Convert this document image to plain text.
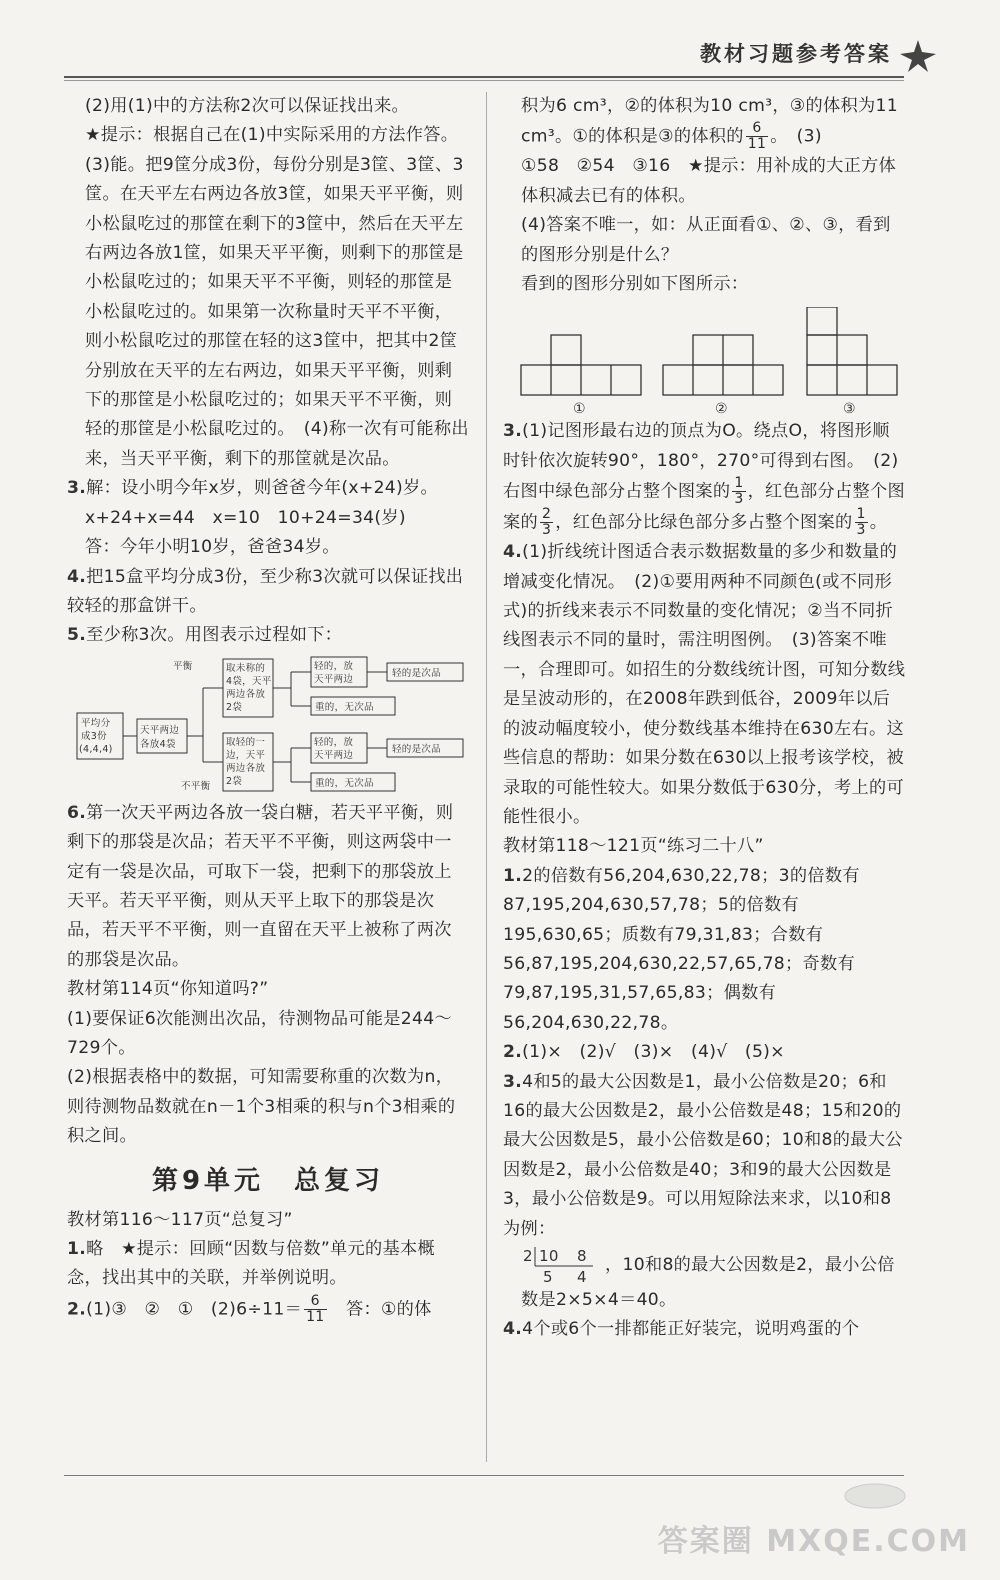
教材习题参考答案

(2)用(1)中的方法称2次可以保证找出来。

★提示：根据自己在(1)中实际采用的方法作答。

(3)能。把9筐分成3份，每份分别是3筐、3筐、3筐。在天平左右两边各放3筐，如果天平平衡，则小松鼠吃过的那筐在剩下的3筐中，然后在天平左右两边各放1筐，如果天平平衡，则剩下的那筐是小松鼠吃过的；如果天平不平衡，则轻的那筐是小松鼠吃过的。如果第一次称量时天平不平衡，则小松鼠吃过的那筐在轻的这3筐中，把其中2筐分别放在天平的左右两边，如果天平平衡，则剩下的那筐是小松鼠吃过的；如果天平不平衡，则轻的那筐是小松鼠吃过的。　(4)称一次有可能称出来，当天平平衡，剩下的那筐就是次品。

3.解：设小明今年x岁，则爸爸今年(x+24)岁。

x+24+x=44　x=10　10+24=34(岁)

答：今年小明10岁，爸爸34岁。

4.把15盒平均分成3份，至少称3次就可以保证找出较轻的那盒饼干。

5.至少称3次。用图表示过程如下：

平均分
成3份
(4,4,4)
天平两边
各放4袋
平衡
不平衡
取未称的
4袋，天平
两边各放
2袋
取轻的一
边，天平
两边各放
2袋
轻的，放
天平两边
重的，无次品
轻的，放
天平两边
重的，无次品
轻的是次品
轻的是次品

6.第一次天平两边各放一袋白糖，若天平平衡，则剩下的那袋是次品；若天平不平衡，则这两袋中一定有一袋是次品，可取下一袋，把剩下的那袋放上天平。若天平平衡，则从天平上取下的那袋是次品，若天平不平衡，则一直留在天平上被称了两次的那袋是次品。

教材第114页“你知道吗?”

(1)要保证6次能测出次品，待测物品可能是244～729个。

(2)根据表格中的数据，可知需要称重的次数为n，则待测物品数就在n－1个3相乘的积与n个3相乘的积之间。

第9单元　总复习

教材第116～117页“总复习”

1.略　★提示：回顾“因数与倍数”单元的基本概念，找出其中的关联，并举例说明。

2.(1)③　②　①　$(2)6\div 11= \frac{6}{11}$ 　答：①的体

积为6 cm³，②的体积为10 cm³，③的体积为11 cm³。①的体积是③的体积的 $\frac{6}{11}$ 。　(3)

①58　②54　③16　★提示：用补成的大正方体体积减去已有的体积。

(4)答案不唯一，如：从正面看①、②、③，看到的图形分别是什么？

看到的图形分别如下图所示：

①	②	③

3.(1)记图形最右边的顶点为O。绕点O，将图形顺时针依次旋转90°，180°，270°可得到右图。　(2)右图中绿色部分占整个图案的 $\frac{1}{3}$ ，红色部分占整个图案的 $\frac{2}{3}$ ，红色部分比绿色部分多占整个图案的 $\frac{1}{3}$ 。

4.(1)折线统计图适合表示数据数量的多少和数量的增减变化情况。　(2)①要用两种不同颜色(或不同形式)的折线来表示不同数量的变化情况；②当不同折线图表示不同的量时，需注明图例。　(3)答案不唯一，合理即可。如招生的分数线统计图，可知分数线是呈波动形的，在2008年跌到低谷，2009年以后的波动幅度较小，使分数线基本维持在630左右。这些信息的帮助：如果分数在630以上报考该学校，被录取的可能性较大。如果分数低于630分，考上的可能性很小。

教材第118～121页“练习二十八”

1.2的倍数有56,204,630,22,78；3的倍数有87,195,204,630,57,78；5的倍数有195,630,65；质数有79,31,83；合数有56,87,195,204,630,22,57,65,78；奇数有79,87,195,31,57,65,83；偶数有56,204,630,22,78。

2.(1)×　(2)√　(3)×　(4)√　(5)×

3.4和5的最大公因数是1，最小公倍数是20；6和16的最大公因数是2，最小公倍数是48；15和20的最大公因数是5，最小公倍数是60；10和8的最大公因数是2，最小公倍数是40；3和9的最大公因数是3，最小公倍数是9。可以用短除法来求，以10和8为例：

2 10 8
5 4
，10和8的最大公因数是2，最小公倍数是2×5×4＝40。

4.4个或6个一排都能正好装完，说明鸡蛋的个

答案圈 MXQE.COM
